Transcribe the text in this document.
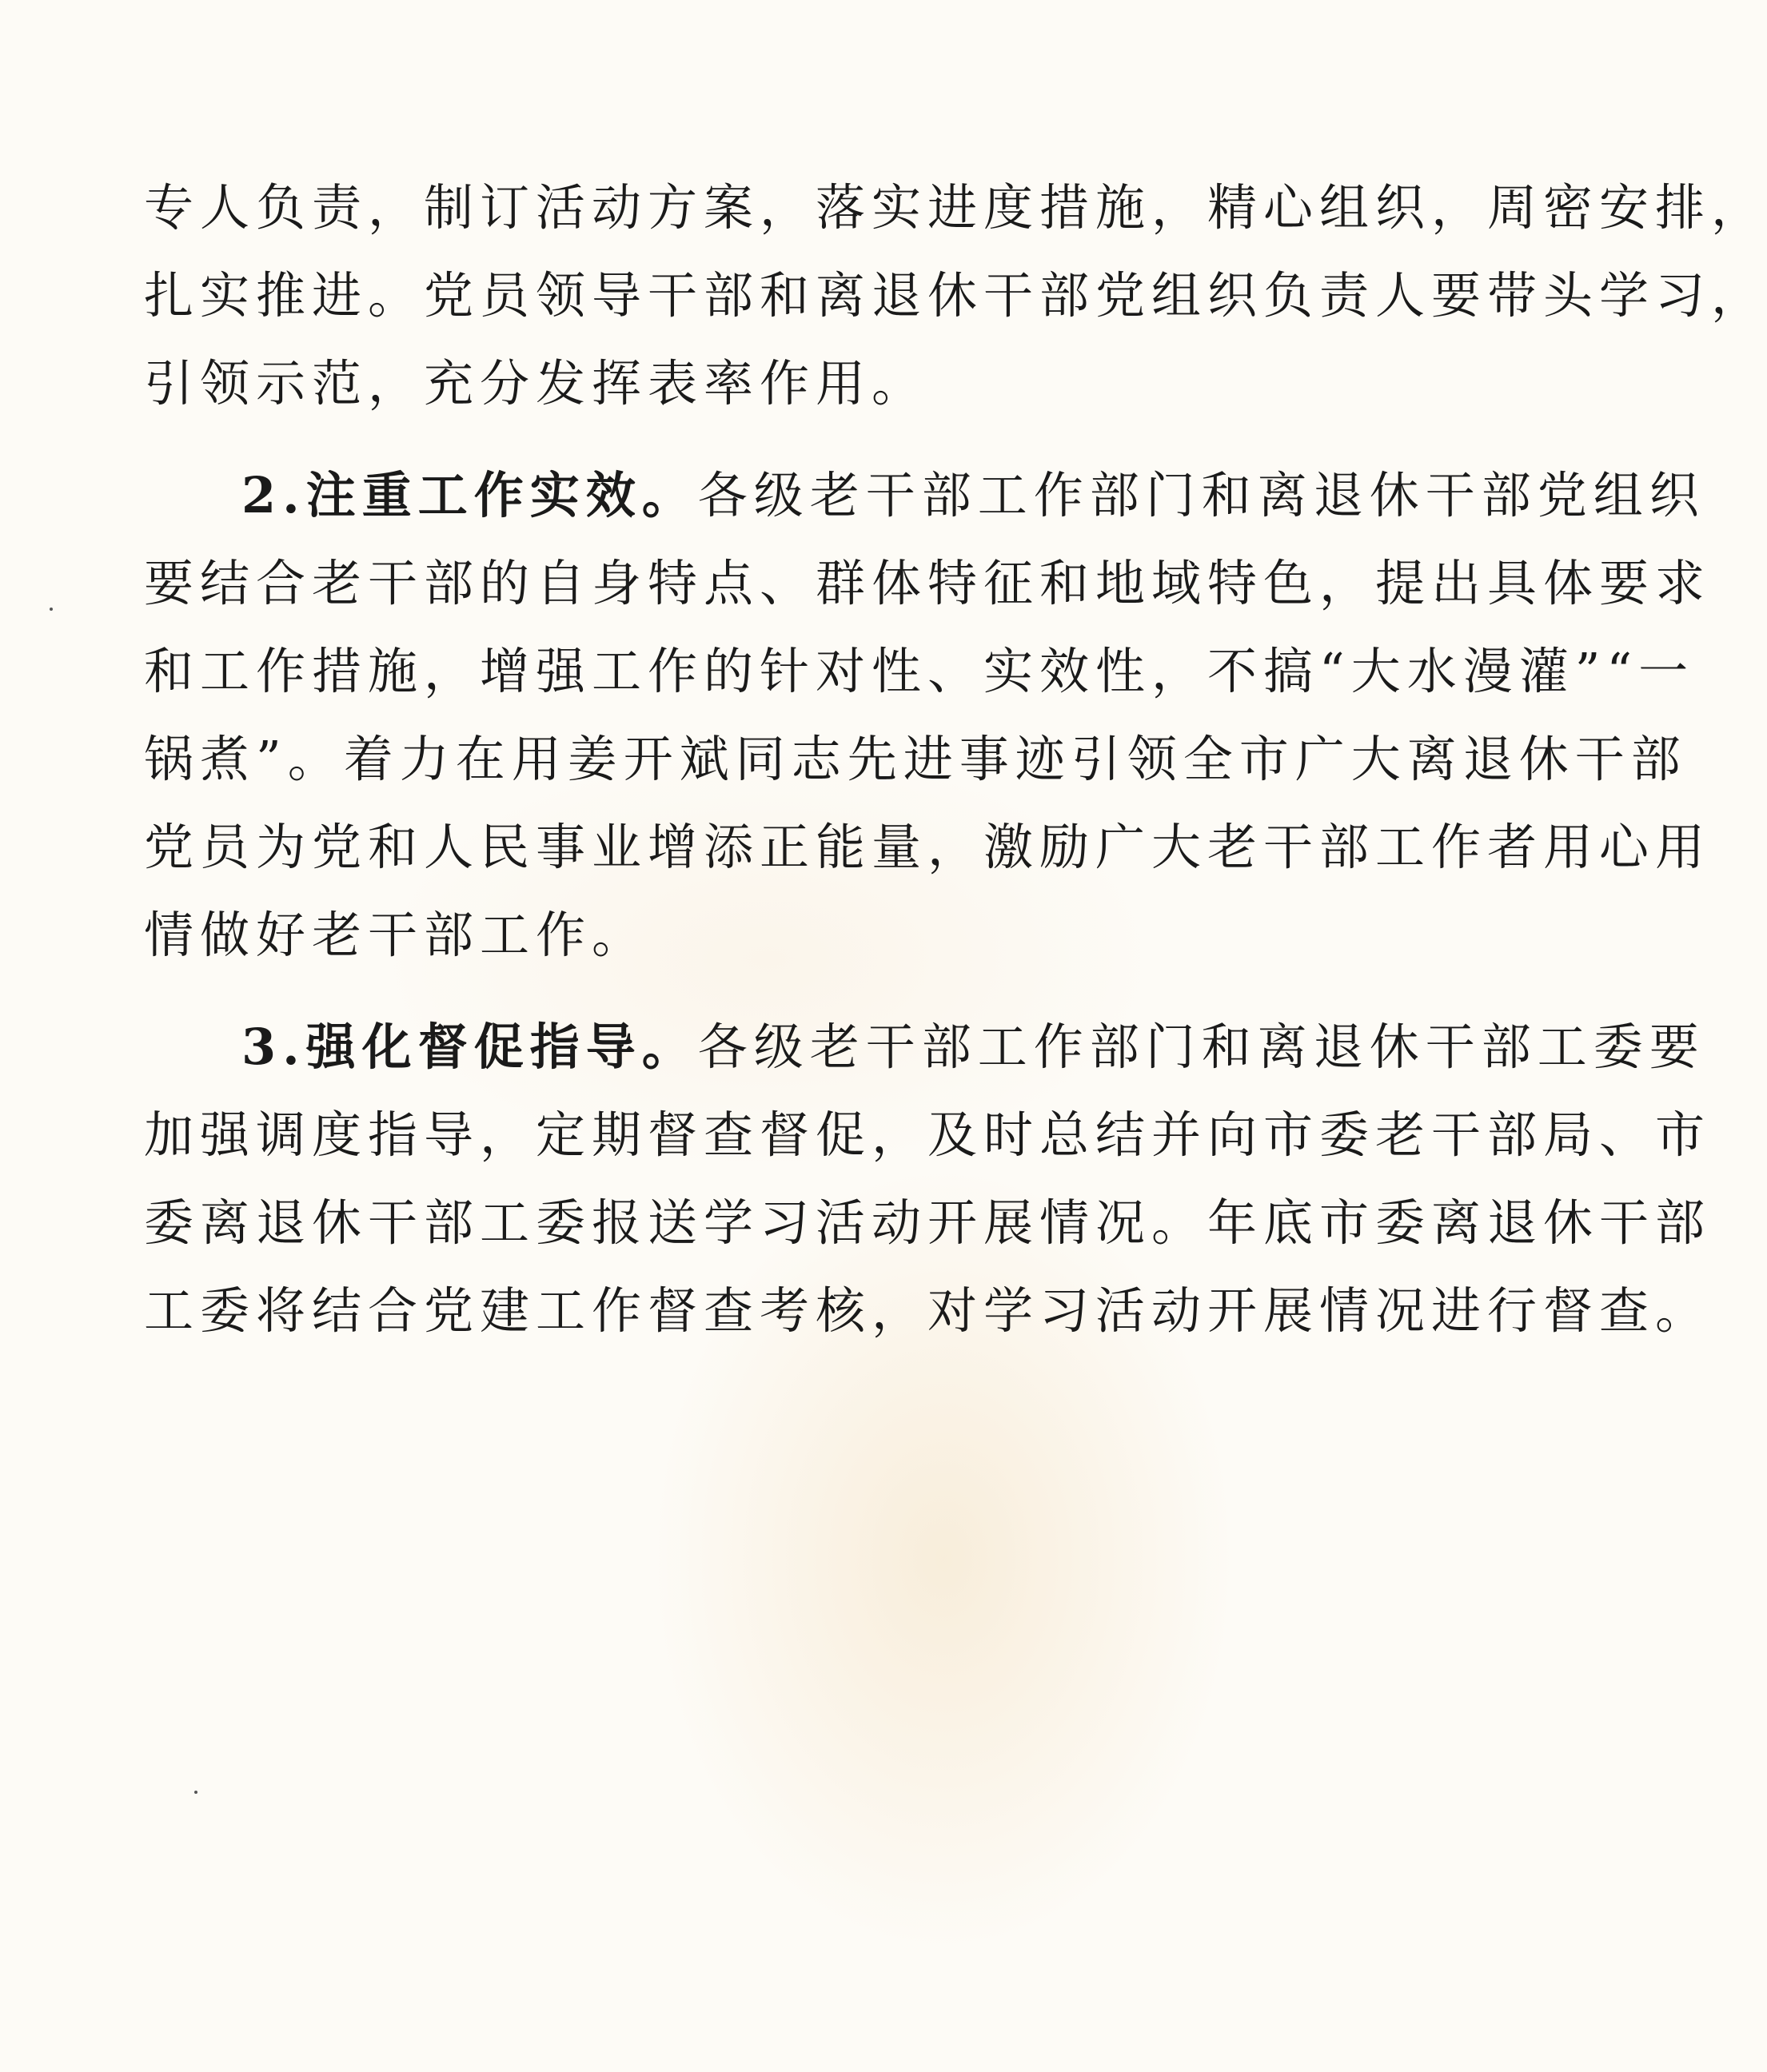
专人负责，制订活动方案，落实进度措施，精心组织，周密安排，
扎实推进。党员领导干部和离退休干部党组织负责人要带头学习，
引领示范，充分发挥表率作用。
2.注重工作实效。各级老干部工作部门和离退休干部党组织
要结合老干部的自身特点、群体特征和地域特色，提出具体要求
和工作措施，增强工作的针对性、实效性，不搞“大水漫灌”“一
锅煮”。着力在用姜开斌同志先进事迹引领全市广大离退休干部
党员为党和人民事业增添正能量，激励广大老干部工作者用心用
情做好老干部工作。
3.强化督促指导。各级老干部工作部门和离退休干部工委要
加强调度指导，定期督查督促，及时总结并向市委老干部局、市
委离退休干部工委报送学习活动开展情况。年底市委离退休干部
工委将结合党建工作督查考核，对学习活动开展情况进行督查。
